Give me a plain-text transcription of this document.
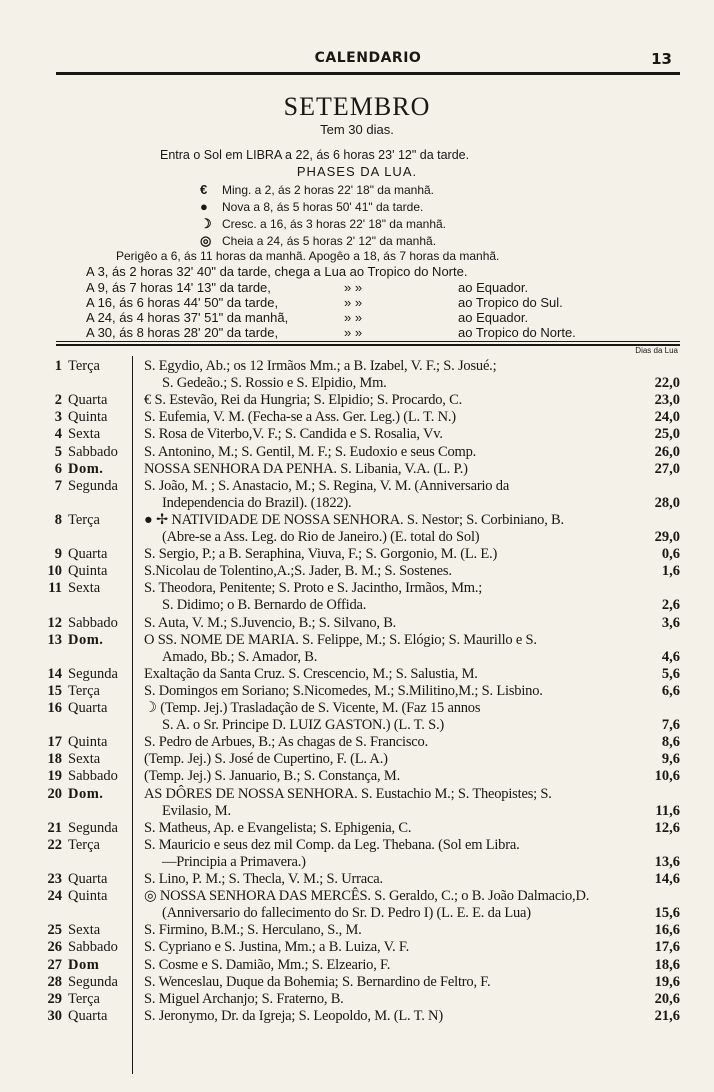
CALENDARIO	13
SETEMBRO
Tem 30 dias.
Entra o Sol em LIBRA a 22, ás 6 horas 23' 12" da tarde.
PHASES DA LUA.
€ Ming. a 2, ás 2 horas 22' 18" da manhã.
● Nova a 8, ás 5 horas 50' 41" da tarde.
☽ Cresc. a 16, ás 3 horas 22' 18" da manhã.
◎ Cheia a 24, ás 5 horas 2' 12" da manhã.
Perigêo a 6, ás 11 horas da manhã. Apogêo a 18, ás 7 horas da manhã.
A 3, ás 2 horas 32' 40" da tarde, chega a Lua ao Tropico do Norte.
A 9, ás 7 horas 14' 13" da tarde,	» »	ao Equador.
A 16, ás 6 horas 44' 50" da tarde,	» »	ao Tropico do Sul.
A 24, ás 4 horas 37' 51" da manhã,	» »	ao Equador.
A 30, ás 8 horas 28' 20" da tarde,	» »	ao Tropico do Norte.
Dias da Lua
1 Terça	S. Egydio, Ab.; os 12 Irmãos Mm.; a B. Izabel, V. F.; S. Josué.;
S. Gedeão.; S. Rossio e S. Elpidio, Mm.	22,0
2 Quarta	€ S. Estevão, Rei da Hungria; S. Elpidio; S. Procardo, C.	23,0
3 Quinta	S. Eufemia, V. M. (Fecha-se a Ass. Ger. Leg.) (L. T. N.)	24,0
4 Sexta	S. Rosa de Viterbo,V. F.; S. Candida e S. Rosalia, Vv.	25,0
5 Sabbado S. Antonino, M.; S. Gentil, M. F.; S. Eudoxio e seus Comp.	26,0
6 Dom.	NOSSA SENHORA DA PENHA. S. Libania, V.A. (L. P.)	27,0
7 Segunda S. João, M. ; S. Anastacio, M.; S. Regina, V. M. (Anniversario da
Independencia do Brazil). (1822).	28,0
8 Terça	● ✢ NATIVIDADE DE NOSSA SENHORA. S. Nestor; S. Corbiniano, B.
(Abre-se a Ass. Leg. do Rio de Janeiro.) (E. total do Sol)	29,0
9 Quarta	S. Sergio, P.; a B. Seraphina, Viuva, F.; S. Gorgonio, M. (L. E.)	0,6
10 Quinta	S.Nicolau de Tolentino,A.;S. Jader, B. M.; S. Sostenes.	1,6
11 Sexta	S. Theodora, Penitente; S. Proto e S. Jacintho, Irmãos, Mm.;
S. Didimo; o B. Bernardo de Offida.	2,6
12 Sabbado S. Auta, V. M.; S.Juvencio, B.; S. Silvano, B.	3,6
13 Dom.	O SS. NOME DE MARIA. S. Felippe, M.; S. Elógio; S. Maurillo e S.
Amado, Bb.; S. Amador, B.	4,6
14 Segunda Exaltação da Santa Cruz. S. Crescencio, M.; S. Salustia, M.	5,6
15 Terça	S. Domingos em Soriano; S.Nicomedes, M.; S.Militino,M.; S. Lisbino.	6,6
16 Quarta	☽ (Temp. Jej.) Trasladação de S. Vicente, M. (Faz 15 annos
S. A. o Sr. Principe D. LUIZ GASTON.) (L. T. S.)	7,6
17 Quinta	S. Pedro de Arbues, B.; As chagas de S. Francisco.	8,6
18 Sexta	(Temp. Jej.) S. José de Cupertino, F. (L. A.)	9,6
19 Sabbado (Temp. Jej.) S. Januario, B.; S. Constança, M.	10,6
20 Dom.	AS DÔRES DE NOSSA SENHORA. S. Eustachio M.; S. Theopistes; S.
Evilasio, M.	11,6
21 Segunda S. Matheus, Ap. e Evangelista; S. Ephigenia, C.	12,6
22 Terça	S. Mauricio e seus dez mil Comp. da Leg. Thebana. (Sol em Libra.
—Principia a Primavera.)	13,6
23 Quarta	S. Lino, P. M.; S. Thecla, V. M.; S. Urraca.	14,6
24 Quinta	◎ NOSSA SENHORA DAS MERCÊS. S. Geraldo, C.; o B. João Dalmacio,D.
(Anniversario do fallecimento do Sr. D. Pedro I) (L. E. E. da Lua)	15,6
25 Sexta	S. Firmino, B.M.; S. Herculano, S., M.	16,6
26 Sabbado S. Cypriano e S. Justina, Mm.; a B. Luiza, V. F.	17,6
27 Dom	S. Cosme e S. Damião, Mm.; S. Elzeario, F.	18,6
28 Segunda S. Wenceslau, Duque da Bohemia; S. Bernardino de Feltro, F.	19,6
29 Terça	S. Miguel Archanjo; S. Fraterno, B.	20,6
30 Quarta	S. Jeronymo, Dr. da Igreja; S. Leopoldo, M. (L. T. N)	21,6
